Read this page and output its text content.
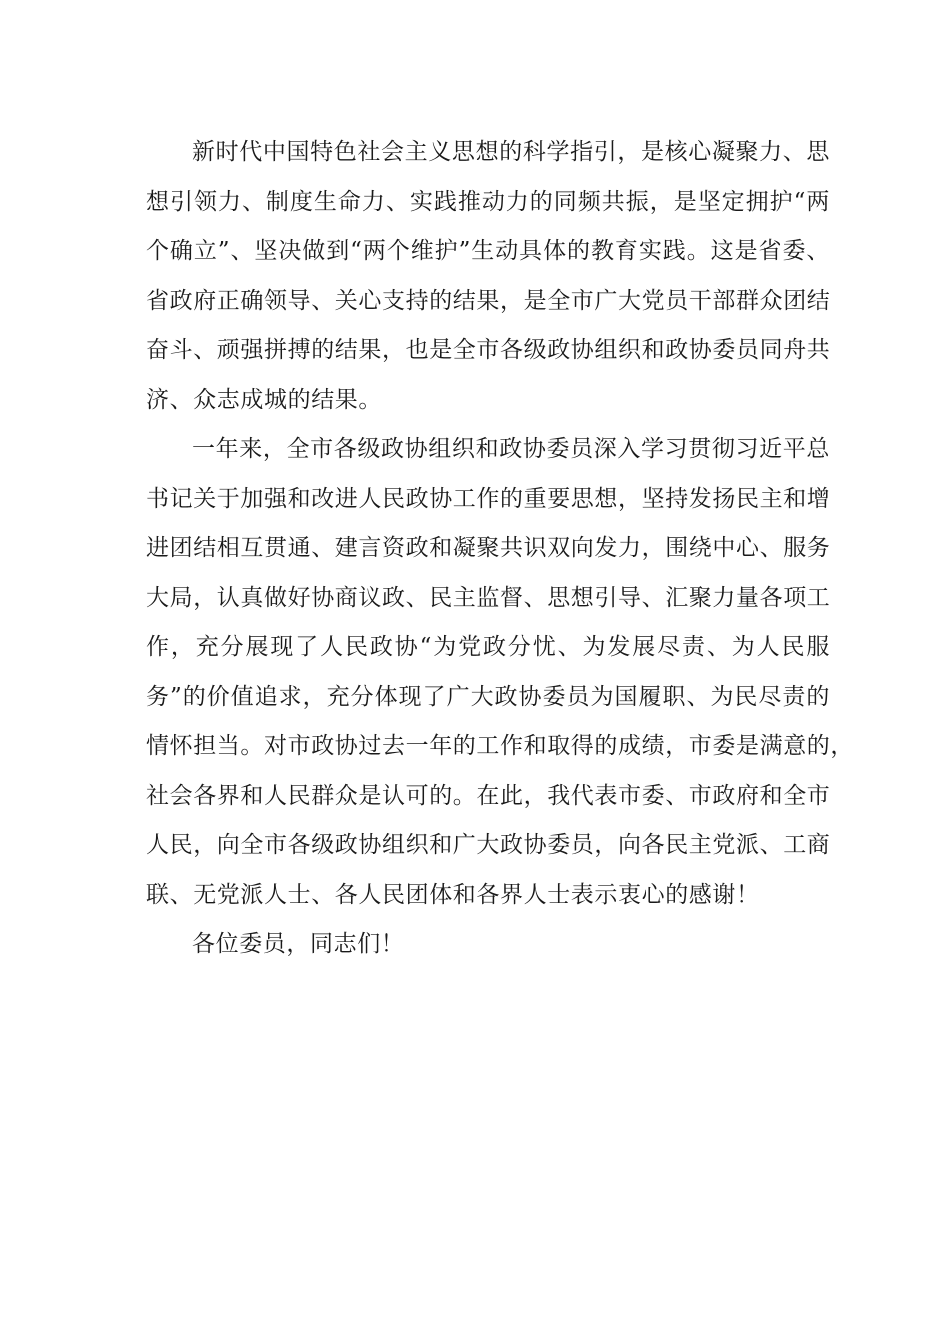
新时代中国特色社会主义思想的科学指引，是核心凝聚力、思
想引领力、制度生命力、实践推动力的同频共振，是坚定拥护“两
个确立”、坚决做到“两个维护”生动具体的教育实践。这是省委、
省政府正确领导、关心支持的结果，是全市广大党员干部群众团结
奋斗、顽强拼搏的结果，也是全市各级政协组织和政协委员同舟共
济、众志成城的结果。
一年来，全市各级政协组织和政协委员深入学习贯彻习近平总
书记关于加强和改进人民政协工作的重要思想，坚持发扬民主和增
进团结相互贯通、建言资政和凝聚共识双向发力，围绕中心、服务
大局，认真做好协商议政、民主监督、思想引导、汇聚力量各项工
作，充分展现了人民政协“为党政分忧、为发展尽责、为人民服
务”的价值追求，充分体现了广大政协委员为国履职、为民尽责的
情怀担当。对市政协过去一年的工作和取得的成绩，市委是满意的，
社会各界和人民群众是认可的。在此，我代表市委、市政府和全市
人民，向全市各级政协组织和广大政协委员，向各民主党派、工商
联、无党派人士、各人民团体和各界人士表示衷心的感谢！
各位委员，同志们！
